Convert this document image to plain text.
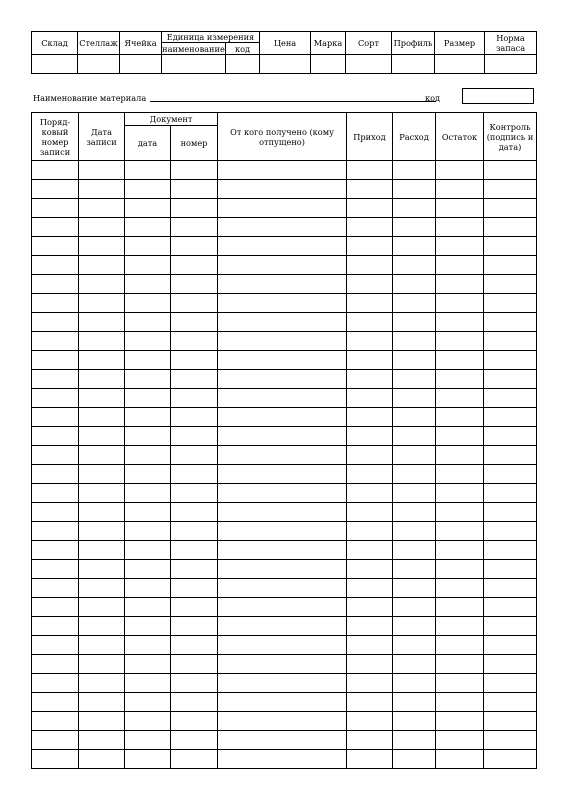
Склад	Стеллаж	Ячейка	Единица измерения		Цена	Марка	Сорт	Профиль	Размер	Норма запаса
			наименование	код						

Наименование материала	код
Поряд-ковый номер записи	Дата записи	Документ		От кого получено (кому отпущено)	Приход	Расход	Остаток	Контроль (подпись и дата)
		дата	номер					
